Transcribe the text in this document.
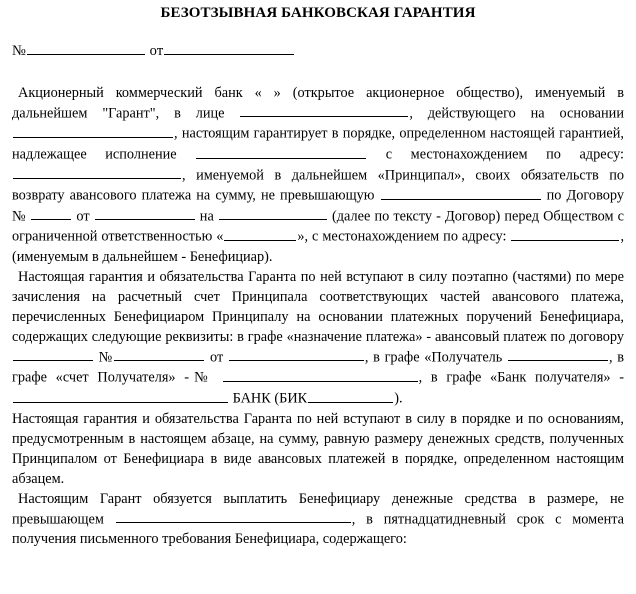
БЕЗОТЗЫВНАЯ БАНКОВСКАЯ ГАРАНТИЯ
№	от

Акционерный коммерческий банк « » (открытое акционерное общество), именуемый в дальнейшем "Гарант", в лице	, действующего на основании , настоящим гарантирует в порядке, определенном настоящей гарантией, надлежащее исполнение	с местонахождением по адресу: , именуемой в дальнейшем «Принципал», своих обязательств по возврату авансового платежа на сумму, не превышающую	по Договору №	от	на	(далее по тексту - Договор) перед Обществом с ограниченной ответственностью «	», с местонахождением по адресу:	, (именуемым в дальнейшем - Бенефициар).

Настоящая гарантия и обязательства Гаранта по ней вступают в силу поэтапно (частями) по мере зачисления на расчетный счет Принципала соответствующих частей авансового платежа, перечисленных Бенефициаром Принципалу на основании платежных поручений Бенефициара, содержащих следующие реквизиты: в графе «назначение платежа» - авансовый платеж по договору  №	от	, в графе «Получатель	, в графе «счет Получателя» -№	, в графе «Банк получателя» -  БАНК (БИК	).

Настоящая гарантия и обязательства Гаранта по ней вступают в силу в порядке и по основаниям, предусмотренным в настоящем абзаце, на сумму, равную размеру денежных средств, полученных Принципалом от Бенефициара в виде авансовых платежей в порядке, определенном настоящим абзацем.

Настоящим Гарант обязуется выплатить Бенефициару денежные средства в размере, не превышающем	, в пятнадцатидневный срок с момента получения письменного требования Бенефициара, содержащего:
